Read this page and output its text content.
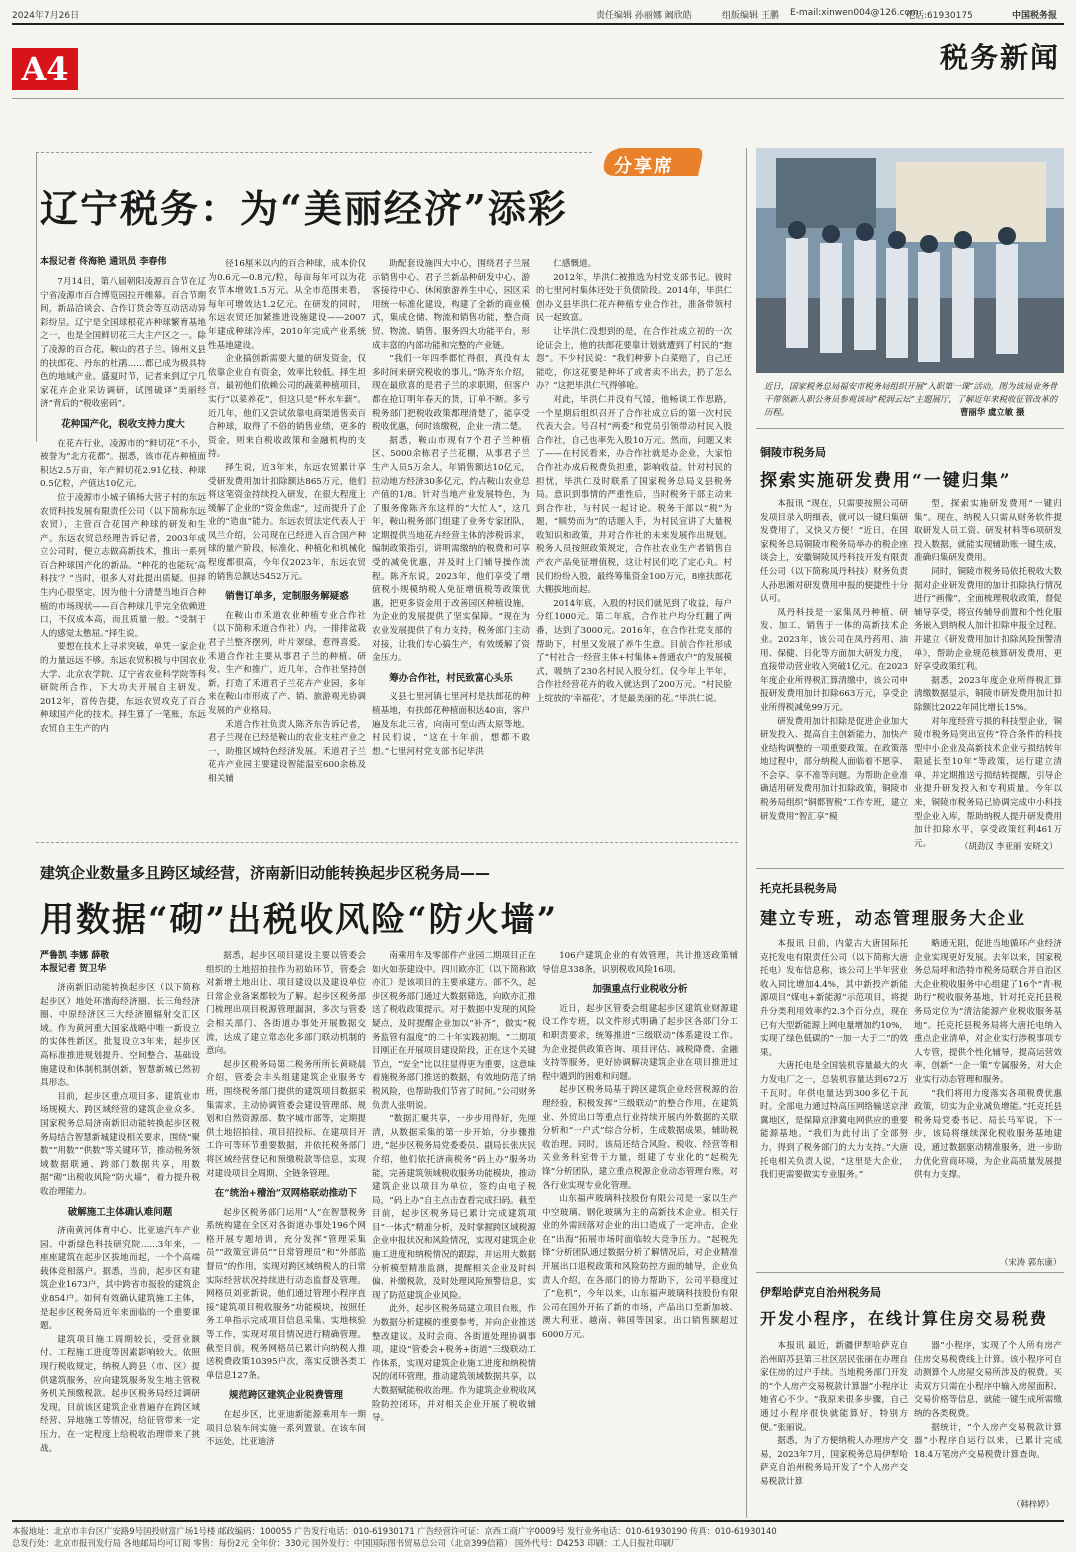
2024年7月26日	责任编辑 孙丽娜 阚欣皓	组版编辑 王鹏 E-mail:xinwen004@126.com
电话:61930175	中国税务报
A4	税务新闻
分享席
辽宁税务：为“美丽经济”添彩
本报记者 佟海艳 通讯员 李春伟

7月14日，第八届朝阳凌源百合节在辽宁省凌源市百合博览园拉开帷幕。百合节期间，新品洽谈会、合作订货会等互动活动异彩纷呈。辽宁是全国球根花卉种球繁育基地之一，也是全国鲜切花三大主产区之一。除了凌源的百合花，鞍山的君子兰、锦州义县的扶郎花、丹东的杜鹃……都已成为极具特色的地域产业。盛夏时节，记者来到辽宁几家花卉企业采访调研，试图破译“美丽经济”背后的“税收密码”。

花种国产化，税收支持力度大

在花卉行业，凌源市的“鲜切花”不小，被誉为“北方花都”。据悉，该市花卉种植面积达2.5万亩，年产鲜切花2.91亿枝、种球0.5亿粒，产值达10亿元。

位于凌源市小城子镇杨大营子村的东远农贸科技发展有限责任公司（以下简称东远农贸），主营百合花国产种球的研发和生产。东远农贸总经理告诉记者，2003年成立公司时，便立志做高新技术，推出一系列百合种球国产化的新品。“种花的也能玩‘高科技’？”当时，很多人对此提出质疑。但择生内心很坚定，因为他十分清楚当地百合种植的市场现状——百合种球几乎完全依赖进口，不仅成本高，而且质量一般。“受制于人的感觉太憋屈。”择生说。

要想在技术上寻求突破，单凭一家企业的力量远远不够。东远农贸积极与中国农业大学、北京农学院、辽宁省农业科学院等科研院所合作，下大功夫开展自主研发。2012年，首传告捷，东远农贸攻克了百合种球国产化的技术。择生算了一笔账，东远农贸自主生产的内

径16厘米以内的百合种球，成本价仅为0.6元—0.8元/粒，每亩每年可以为花农节本增效1.5万元。从全市范围来看，每年可增效达1.2亿元。在研发的同时，东远农贸还加紧推进设施建设——2007年建成种球冷库，2010年完成产业系统性基地建设。

企业搞创新需要大量的研发资金，仅依靠企业自有资金，效率比较低。择生坦言，最初他们依赖公司的蔬菜种植项目，实行“以菜养花”，但这只是“杯水车薪”。近几年，他们又尝试依靠电商渠道售卖百合种球，取得了不俗的销售业绩，更多的资金，则来自税收政策和金融机构的支持。

择生说，近3年来，东远农贸累计享受研发费用加计扣除额达865万元，他们将这笔资金持续投入研发，在很大程度上缓解了企业的“资金焦虑”，过而提升了企业的“造血”能力。东远农贸法定代表人于凤兰介绍，公司现在已经进入百合国产种球的量产阶段，标准化、种植化和机械化程度都很高，今年仅2023年，东远农贸的销售总额达5452万元。

销售订单多，定制服务解疑惑

在鞍山市禾道农业种植专业合作社（以下简称禾道合作社）内，一排排盆栽君子兰整齐摆列，叶片翠绿，惹得喜爱。禾道合作社主要从事君子兰的种植、研发、生产和推广，近几年，合作社坚持创新，打造了禾道君子兰花卉产业园，多年来在鞍山市形成了产、销、旅游观光协调发展的产业格局。

禾道合作社负责人陈齐东告诉记者，君子兰现在已经是鞍山的农业支柱产业之一，助推区域特色经济发展。禾道君子兰花卉产业园主要建设智能温室600余栋及相关辅

助配套设施四大中心，围绕君子兰展示销售中心、君子兰新品种研发中心、游客接待中心、休闲旅游养生中心，园区采用统一标准化建设，构建了全新的商业模式，集成仓储、物流和销售功能，整合商贸、物流、销售、服务四大功能平台，形成丰富的内部功能和完整的产业链。

“我们一年四季都忙得很，真没有太多时间来研究税收的事儿。”陈齐东介绍，现在最欣喜的是君子兰的求职期，但客户都在抢订明年春天的货，订单不断。多亏税务部门把税收政策都理清楚了，能享受税收优惠，何时该缴税，企业一清二楚。

据悉，鞍山市现有7个君子兰种植区、5000余栋君子兰花棚，从事君子兰生产人员5万余人，年销售额达10亿元，拉动地方经济30多亿元，约占鞍山农业总产值的1/8。针对当地产业发展特色，为了服务像陈齐东这样的“大忙人”，这几年，鞍山税务部门组建了业务专家团队，定期提供当地花卉经营主体的涉税诉求，编制政策指引，讲明需缴纳的税费和可享受的减免优惠，并及时上门辅导操作流程。陈齐东说，2023年，他们享受了增值税小规模纳税人免征增值税等政策优惠，把更多资金用于改善园区种植设施，为企业的发展提供了坚实保障。“现在为农业发展提供了有力支持，税务部门主动对接，让我们专心搞生产，有效缓解了资金压力。

筹办合作社，村民致富心头乐

义县七里河镇七里河村是扶郎花的种植基地，有扶郎花种植面积达40亩，客户遍及东北三省，向南可至山西太原等地。村民们说，“这在十年前，想都不敢想。”七里河村党支部书记毕洪

仁感慨道。

2012年，毕洪仁被推选为村党支部书记。彼时的七里河村集体还处于负债阶段。2014年，毕洪仁创办义县毕洪仁花卉种植专业合作社，准备带领村民一起致富。

让毕洪仁没想到的是，在合作社成立初的一次论证会上，他的扶郎花要靠计划就遭到了村民的“抱怨”。不少村民说：“我们种萝卜白菜赔了，自己还能吃，你这花要是种坏了或者卖不出去，扔了怎么办？”这把毕洪仁气得够呛。

对此，毕洪仁并没有气馁，他畅谈工作思路，一个星期后组织召开了合作社成立后的第一次村民代表大会。号召村“两委”和党员引领带动村民入股合作社，自己也率先入股10万元。然而，问题又来了——在村民看来，办合作社就是办企业，大家怕合作社办成后税费负担重，影响收益。针对村民的担忧，毕洪仁及时联系了国家税务总局义县税务局。意识到事情的严重性后，当时税务干部主动来到合作社，与村民一起讨论。税务干部以“税”为题，“顺势而为”的话题入手，为村民宣讲了大量税收知识和政策，并对合作社的未来发展作出规划。税务人员按照政策规定，合作社农业生产者销售自产农产品免征增值税，这让村民们吃了定心丸。村民们纷纷入股，最终筹集资金100万元，8座扶郎花大棚拔地而起。

2014年底，入股的村民们就见到了收益，每户分红1000元。第二年底，合作社户均分红翻了两番，达到了3000元。2016年，在合作社党支部的帮助下，村里又发展了养牛生意。目前合作社形成了“村社合一经营主体+村集体+普通农户”的发展模式，吸纳了230名村民入股分红。仅今年上半年，合作社经营花卉的收入就达到了200万元。“村民脸上绽放的‘幸福花’，才是最美丽的花。”毕洪仁说。

近日，国家税务总局福安市税务局组织开展“入职第一课”活动。图为该局业务骨干带领新入职公务员参观该局“税润云坛”主题展厅，了解近年来税收征管改革的历程。	曹丽华 虞立敏 摄
铜陵市税务局
探索实施研发费用“一键归集”

本报讯 “现在，只需要按照公司研发项目录入明细表，就可以一键归集研发费用了，又快又方便！”近日，在国家税务总局铜陵市税务局举办的税企座谈会上，安徽铜陵凤丹科技开发有限责任公司（以下简称凤丹科技）财务负责人孙思湘对研发费用申报的便捷性十分认可。

凤丹科技是一家集凤丹种植、研发、加工、销售于一体的高新技术企业。2023年，该公司在凤丹药用、油用、保健、日化等方面加大研发力度，直接带动营业收入突破1亿元。在2023年度企业所得税汇算清缴中，该公司申报研发费用加计扣除663万元，享受企业所得税减免99万元。

研发费用加计扣除是促进企业加大研发投入、提高自主创新能力，加快产业结构调整的一项重要政策。在政策落地过程中，部分纳税人面临着不愿享、不会享、享不准等问题。为帮助企业准确适用研发费用加计扣除政策，铜陵市税务局组织“铜都智税”工作专班，建立研发费用“智汇享”模

型，探索实施研发费用“一键归集”。现在，纳税人只需从财务软件提取研发人员工资、研发材料等6项研发投入数据，就能实现辅助账一键生成，准确归集研发费用。

同时，铜陵市税务局依托税收大数据对企业研发费用的加计扣除执行情况进行“画像”，全面梳理税收政策，督促辅导享受，将宣传辅导前置和个性化服务嵌入到纳税人加计扣除申报全过程。并建立《研发费用加计扣除风险预警清单》，帮助企业规范核算研发费用，更好享受政策红利。

据悉，2023年度企业所得税汇算清缴数据显示，铜陵市研发费用加计扣除额比2022年同比增长15%。

对年度经营亏损的科技型企业，铜陵市税务局突出宣传“符合条件的科技型中小企业及高新技术企业亏损结转年限延长至10年”等政策，运行建立清单，并定期推送亏损结转提醒，引导企业提升研发投入和专利质量。今年以来，铜陵市税务局已协调完成中小科技型企业入库，帮助纳税人提升研发费用加计扣除水平，享受政策红利461万元。	（胡劲汉 李亚丽 安晓文）
托克托县税务局
建立专班，动态管理服务大企业

本报讯 日前，内蒙古大唐国际托克托发电有限责任公司（以下简称大唐托电）发布信息称，该公司上半年营业收入同比增加4.4%，其中新投产新能源项目“煤电+新能源”示范项目，将提升分类利用效率约2.3个百分点，现在已有大型新能源上网电量增加约10%，实现了绿色低碳的“一加一大于二”的效果。

大唐托电是全国装机容量最大的火力发电厂之一，总装机容量达到672万千瓦时。年供电量达到300多亿千瓦时。全部电力通过特高压网络输送京津冀地区，是保障京津冀电网供应的重要能源基地。“我们为此付出了全部努力，得到了税务部门的大力支持。”大唐托电相关负责人说，“这里是大企业，我们更需要做实专业服务。”

略通无阻，促进当地循环产业经济企业实现更好发展。去年以来，国家税务总局呼和浩特市税务局联合并自治区大企业税收服务中心组建了16个“青·税助行”税收服务基地，针对托克托县税务局定位为“清洁能源产业税收服务基地”。托克托县税务局将大唐托电纳入重点企业清单，对企业实行涉税事项专人专管，提供个性化辅导，提高运营效率，创新“一企一策”专属服务，对大企业实行动态管理和服务。

“我们将用力度落实各项税费优惠政策，切实为企业减负增能。”托克托县税务局党委书记、局长马军说，下一步，该局将继续深化税收服务基地建设，通过数据驱动精准服务，进一步助力优化营商环境，为企业高质量发展提供有力支撑。

（宋涛 郭东康）
伊犁哈萨克自治州税务局
开发小程序，在线计算住房交易税费

本报讯 最近，新疆伊犁哈萨克自治州昭苏县第三社区居民张丽在办理自家住房的过户手续。当地税务部门开发的“个人房产交易税款计算器”小程序让她省心不少。“我原来很多步骤，自己通过小程序很快就能算好，特别方便。”张丽说。

据悉，为了方便纳税人办理房产交易，2023年7月，国家税务总局伊犁哈萨克自治州税务局开发了“个人房产交易税款计算

器”小程序，实现了个人所有房产住房交易税费线上计算。该小程序可自动测算个人房屋交易所涉及的税费。买卖双方只需在小程序中输入房屋面积、交易价格等信息，就能一键生成所需缴纳的各类税费。

据统计，“个人房产交易税款计算器”小程序自运行以来，已累计完成18.4万笔房产交易税费计算查询。

（韩梓婷）
建筑企业数量多且跨区域经营，济南新旧动能转换起步区税务局——
用数据“砌”出税收风险“防火墙”
严鲁凯 李娜 薛敬
本报记者 贺卫华

济南新旧动能转换起步区（以下简称起步区）地处环渤海经济圈、长三角经济圈、中原经济区三大经济圈辐射交汇区域。作为黄河重大国家战略中唯一新设立的实体性新区，批复设立3年来，起步区高标准推进规划提升、空间整合、基础设施建设和体制机制创新，智慧新城已然初具形态。

目前，起步区重点项目多、建筑业市场规模大、跨区域经营的建筑企业众多。国家税务总局济南新旧动能转换起步区税务局结合智慧新城建设相关要求，围绕“聚数”“用数”“供数”等关键环节，推动税务领域数据联通、跨部门数据共享，用数据“砌”出税收风险“防火墙”，着力提升税收治理能力。

破解施工主体确认难问题

济南黄河体育中心、比亚迪汽车产业园、中新绿色科技研究院……3年来，一座座建筑在起步区拔地而起，一个个高端载体竞相落户。据悉，当前，起步区有建筑企业1673户，其中跨省市报验的建筑企业854户。如何有效确认建筑施工主体，是起步区税务局近年来面临的一个重要课题。

建筑项目施工周期较长，受营业额付、工程施工进度等因素影响较大。依照现行税收规定，纳税人跨县（市、区）提供建筑服务，应向建筑服务发生地主管税务机关预缴税款。起步区税务局经过调研发现，目前该区建筑企业普遍存在跨区域经营、异地施工等情况，给征管带来一定压力，在一定程度上给税收治理带来了挑战。

据悉，起步区项目建设主要以管委会组织的土地招拍挂作为初始环节，管委会对新增土地出让、项目建设以及建设单位日常企业备案都较为了解。起步区税务部门梳理出项目税源管理漏洞，多次与管委会相关部门、各街道办事处开展数据交流，达成了建立常态化多部门联动机制的意向。

起步区税务局第二税务所所长黄晓晨介绍，管委会丰头组建建筑企业服务专班，围绕税务部门提供的建筑项目数据采集需求，主动协调管委会建设管理部、规划和自然资源部、数字城市部等，定期提供土地招拍挂、项目招投标、在建项目开工许可等环节重要数据，并依托税务部门将区域经营登记和预缴税款等信息，实现对建设项目全周期、全链条管理。

在“统治+稽治”双网格联动推动下

起步区税务部门运用“人”在智慧税务系统构建在全区对各街道办事处196个网格开展专题培训，充分发挥“管理采集员”“政策宣讲员”“日常管理员”和“外部监督员”的作用，实现对跨区域纳税人的日常实际经营状况持续进行动态监督及管理。网格员刘亚新说，他们通过管理小程序直接“建筑项目税收服务”功能模块，按照任务工单指示完成项目信息采集、实地核验等工作，实现对项目情况进行精确管理。截至目前，税务网格员已累计向纳税人推送税费政策10395户次，落实反馈各类工单信息127条。

规范跨区建筑企业税费管理

在起步区，比亚迪新能源乘用车一期项目总装车间实施一系列置景。在该车间不远处，比亚迪济

南乘用车及零部件产业园二期项目正在如火如荼建设中。四川欧亦汇（以下简称欧亦汇）是该项目的主要承建方。部不久，起步区税务部门通过大数据筛选，向欧亦汇推送了税收政策提示。对于数据中发现的风险疑点，及时提醒企业加以“补齐”，做实“税务监管有温度”的二十年实践初期。“二期项目刚正在开展项目建设阶段，正在这个关键节点，“安全”比以往显得更为重要，这意味着施税务部门推送的数据，有效地防范了纳税风险，也帮助我们节省了时间。”公司财务负责人张明说。

“数据汇聚共享，一步步用得好，先厘清，从数据采集的第一步开始，分步骤推进，”起步区税务局党委委员、副局长张庆民介绍，他们依托济南税务“码上办”服务功能，完善建筑领域税收服务功能模块，推动建筑企业以项目为单位，签约由电子税局，“码上办”自主点击查看完成扫码。截至目前，起步区税务局已累计完成建筑项目“一体式”精准分析，及时掌握跨区域税源企业申报状况和风险情况，实现对建筑企业施工进度和纳税情况的跟踪，并运用大数据分析模型精准监测，提醒相关企业及时纠偏、补缴税款，及时处理风险预警信息，实现了防范建筑企业风险。

此外，起步区税务局建立项目台账，作为数据分析建模的重要参考，并向企业推送整改建议。及时会商、各街道处理协调事项，建设“管委会+税务+街道”三级联动工作体系，实现对建筑企业施工进度和纳税情况的闭环管理，推动建筑领域数据共享，以大数据赋能税收治理。作为建筑企业税收风险防控闭环，并对相关企业开展了税收辅导。

106户建筑企业的有效管理，共计推送政策辅导信息338条，识别税收风险16项。

加强重点行业税收分析

近日，起步区管委会组建起步区建筑业财源建设工作专班，以文件形式明确了起步区各部门分工和职责要求，统筹推进“三级联动”体系建设工作。为企业提供政策咨询、项目评估、减税降费、金融支持等服务，更好协调解决建筑企业在项目推进过程中遇到的困难和问题。

起步区税务局基于跨区建筑企业经营税源的治理经验，积极发挥“三级联动”的整合作用，在建筑业、外贸出口等重点行业持续开展内外数据的关联分析和“一户式”综合分析，生成数据成果，辅助税收治理。同时，该局还结合风险、税收、经营等相关业务科室骨干力量，组建了专业化的“起税先锋”分析团队，建立重点税源企业动态管理台账，对各行业实现专业化管理。

山东福声玻璃科技股份有限公司是一家以生产中空玻璃、钢化玻璃为主的高新技术企业。相关行业的外需回落对企业的出口造成了一定冲击，企业在“出海”拓展市场时面临较大竞争压力。“起税先锋”分析团队通过数据分析了解情况后，对企业精准开展出口退税政策和风险防控方面的辅导，企业负责人介绍，在各部门的协力帮助下，公司平稳度过了“危机”，今年以来，山东福声玻璃科技股份有限公司在国外开拓了新的市场，产品出口至新加坡、澳大利亚、越南、韩国等国家，出口销售额超过6000万元。

本报地址：北京市丰台区广安路9号国投财富广场1号楼 邮政编码：100055 广告发行电话：010-61930171 广告经营许可证：京西工商广字0009号 发行业务电话：010-61930190 传真：010-61930140
总发行处：北京市报刊发行局 各地邮局均可订阅 零售：每份2元 全年价：330元 国外发行：中国国际图书贸易总公司（北京399信箱） 国外代号：D4253 印刷：工人日报社印刷厂
